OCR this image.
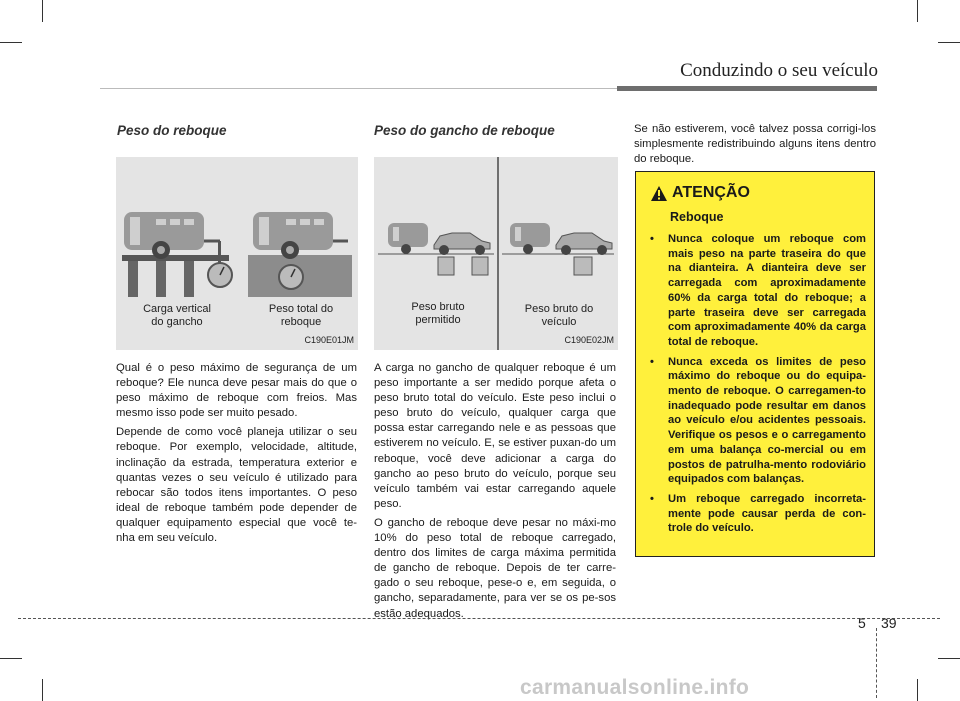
Conduzindo o seu veículo
Peso do reboque
Carga vertical do gancho
Peso total do reboque
C190E01JM

Qual é o peso máximo de segurança de um reboque? Ele nunca deve pesar mais do que o peso máximo de reboque com freios. Mas mesmo isso pode ser muito pesado.

Depende de como você planeja utilizar o seu reboque. Por exemplo, velocidade, altitude, inclinação da estrada, temperatura exterior e quantas vezes o seu veículo é utilizado para rebocar são todos itens importantes. O peso ideal de reboque também pode depender de qualquer equipamento especial que você te-nha em seu veículo.

Peso do gancho de reboque
Peso bruto permitido
Peso bruto do veículo
C190E02JM

A carga no gancho de qualquer reboque é um peso importante a ser medido porque afeta o peso bruto total do veículo. Este peso inclui o peso bruto do veículo, qualquer carga que possa estar carregando nele e as pessoas que estiverem no veículo. E, se estiver puxan-do um reboque, você deve adicionar a carga do gancho ao peso bruto do veículo, porque seu veículo também vai estar carregando aquele peso.

O gancho de reboque deve pesar no máxi-mo 10% do peso total de reboque carregado, dentro dos limites de carga máxima permitida de gancho de reboque. Depois de ter carre-gado o seu reboque, pese-o e, em seguida, o gancho, separadamente, para ver se os pe-sos estão adequados.

Se não estiverem, você talvez possa corrigi-los simplesmente redistribuindo alguns itens dentro do reboque.
ATENÇÃO
Reboque
• Nunca coloque um reboque com mais peso na parte traseira do que na dianteira. A dianteira deve ser carregada com aproximadamente 60% da carga total do reboque; a parte traseira deve ser carregada com aproximadamente 40% da carga total de reboque.
• Nunca exceda os limites de peso máximo do reboque ou do equipa-mento de reboque. O carregamen-to inadequado pode resultar em danos ao veículo e/ou acidentes pessoais. Verifique os pesos e o carregamento em uma balança co-mercial ou em postos de patrulha-mento rodoviário equipados com balanças.
• Um reboque carregado incorreta-mente pode causar perda de con-trole do veículo.
5 39
carmanualsonline.info
